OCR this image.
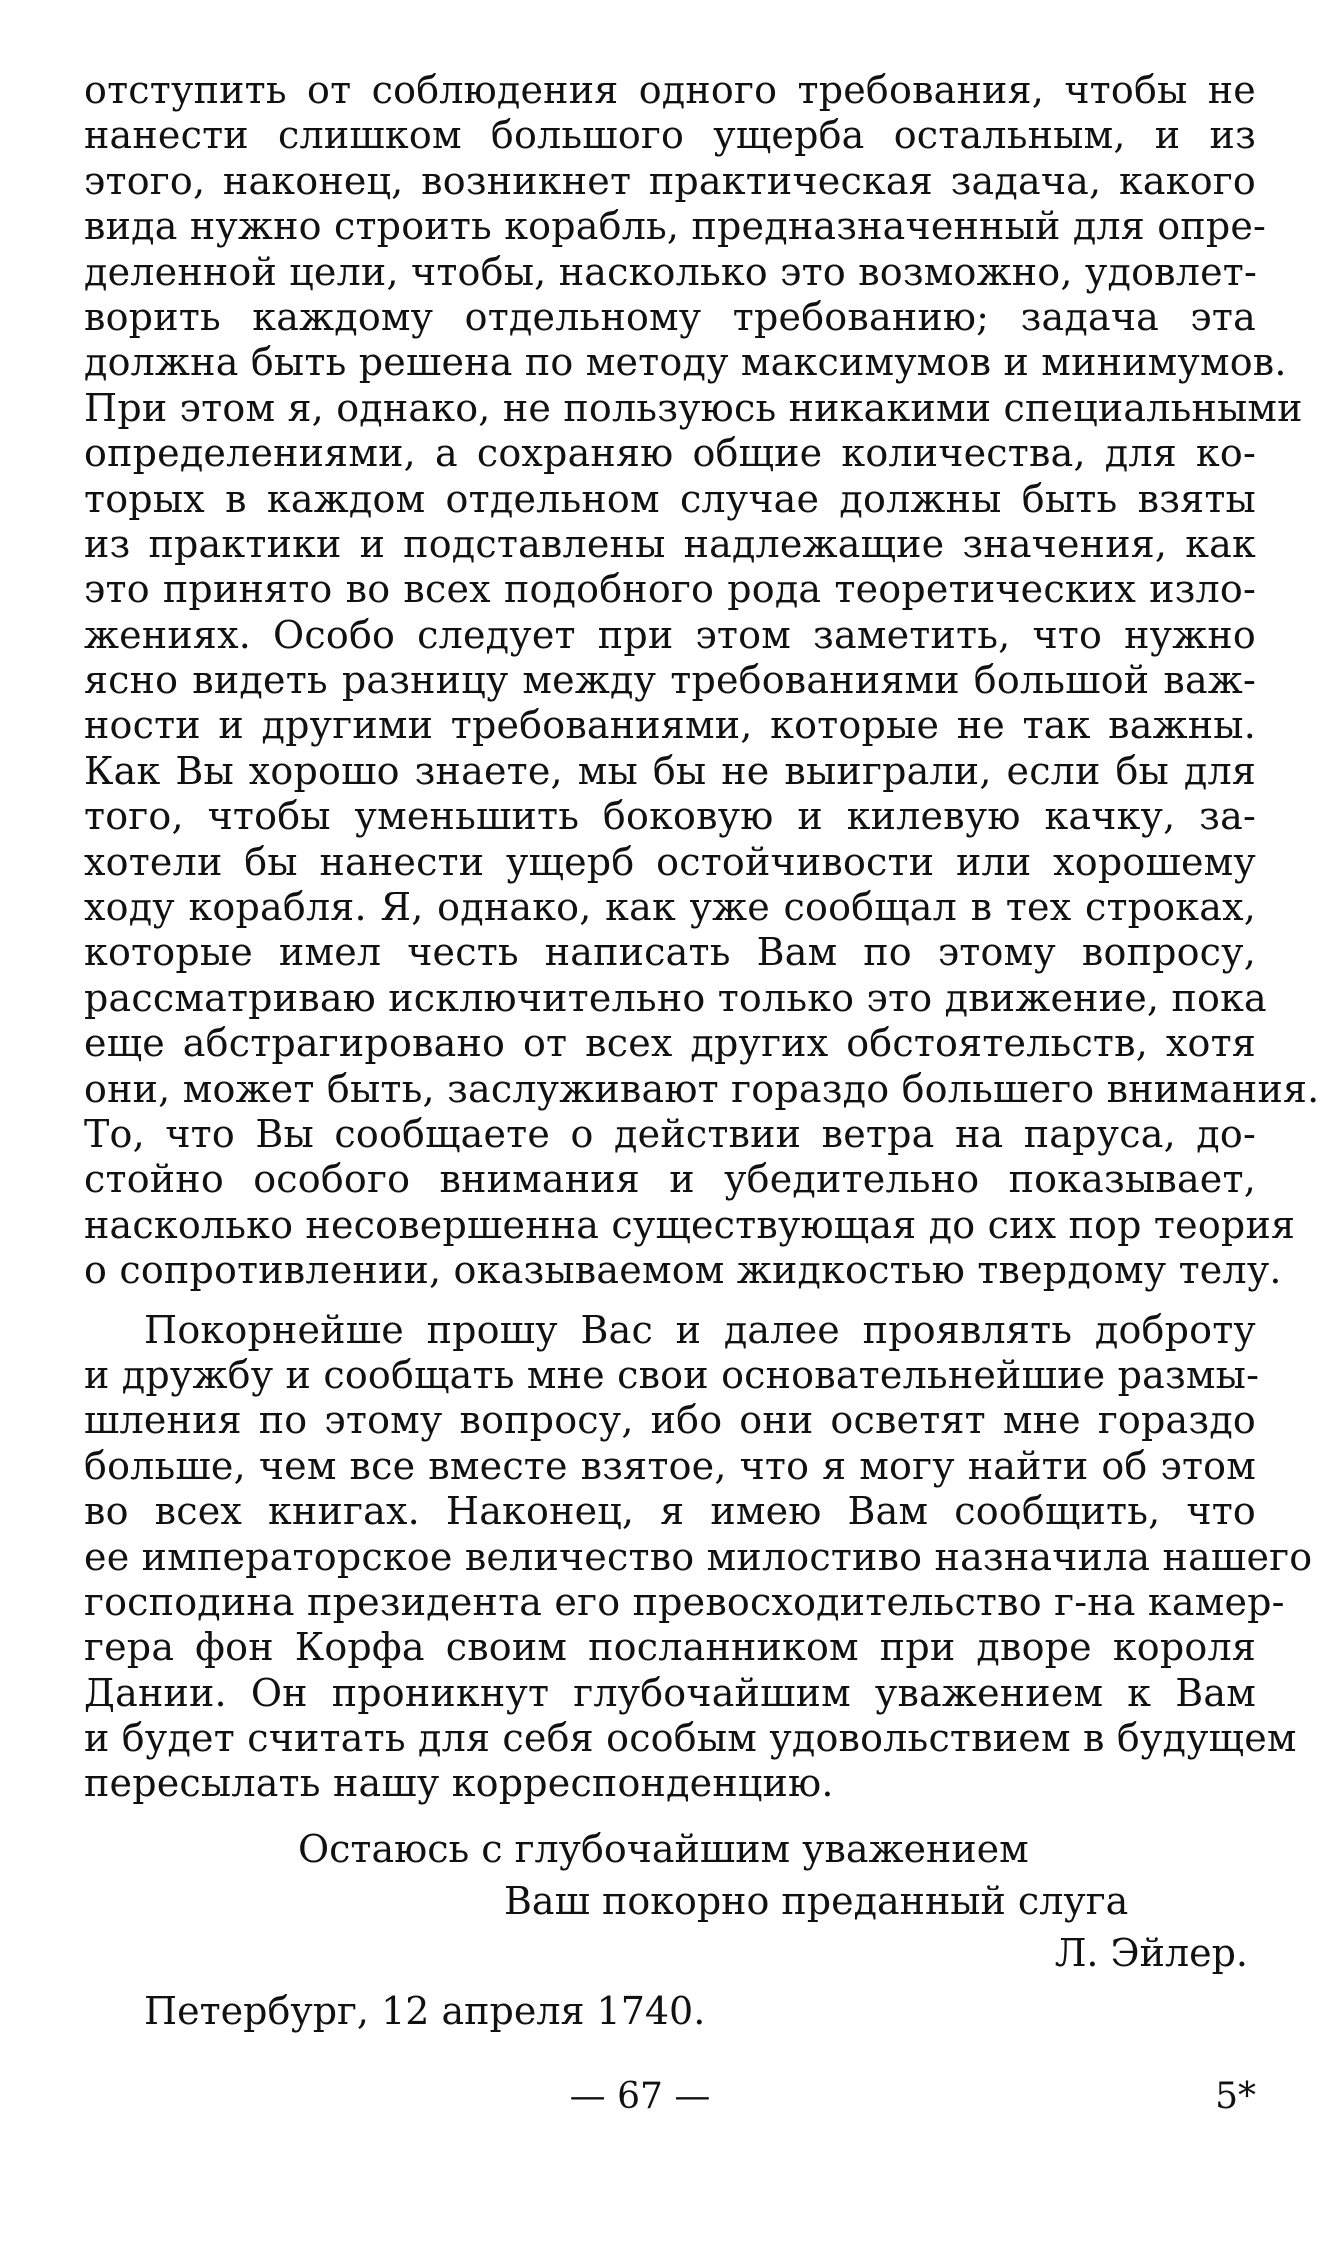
отступить от соблюдения одного требования, чтобы не
нанести слишком большого ущерба остальным, и из
этого, наконец, возникнет практическая задача, какого
вида нужно строить корабль, предназначенный для опре-
деленной цели, чтобы, насколько это возможно, удовлет-
ворить каждому отдельному требованию; задача эта
должна быть решена по методу максимумов и минимумов.
При этом я, однако, не пользуюсь никакими специальными
определениями, а сохраняю общие количества, для ко-
торых в каждом отдельном случае должны быть взяты
из практики и подставлены надлежащие значения, как
это принято во всех подобного рода теоретических изло-
жениях. Особо следует при этом заметить, что нужно
ясно видеть разницу между требованиями большой важ-
ности и другими требованиями, которые не так важны.
Как Вы хорошо знаете, мы бы не выиграли, если бы для
того, чтобы уменьшить боковую и килевую качку, за-
хотели бы нанести ущерб остойчивости или хорошему
ходу корабля. Я, однако, как уже сообщал в тех строках,
которые имел честь написать Вам по этому вопросу,
рассматриваю исключительно только это движение, пока
еще абстрагировано от всех других обстоятельств, хотя
они, может быть, заслуживают гораздо большего внимания.
То, что Вы сообщаете о действии ветра на паруса, до-
стойно особого внимания и убедительно показывает,
насколько несовершенна существующая до сих пор теория
о сопротивлении, оказываемом жидкостью твердому телу.
Покорнейше прошу Вас и далее проявлять доброту
и дружбу и сообщать мне свои основательнейшие размы-
шления по этому вопросу, ибо они осветят мне гораздо
больше, чем все вместе взятое, что я могу найти об этом
во всех книгах. Наконец, я имею Вам сообщить, что
ее императорское величество милостиво назначила нашего
господина президента его превосходительство г-на камер-
гера фон Корфа своим посланником при дворе короля
Дании. Он проникнут глубочайшим уважением к Вам
и будет считать для себя особым удовольствием в будущем
пересылать нашу корреспонденцию.
Остаюсь с глубочайшим уважением
Ваш покорно преданный слуга
Л. Эйлер.
Петербург, 12 апреля 1740.
— 67 —	5*
